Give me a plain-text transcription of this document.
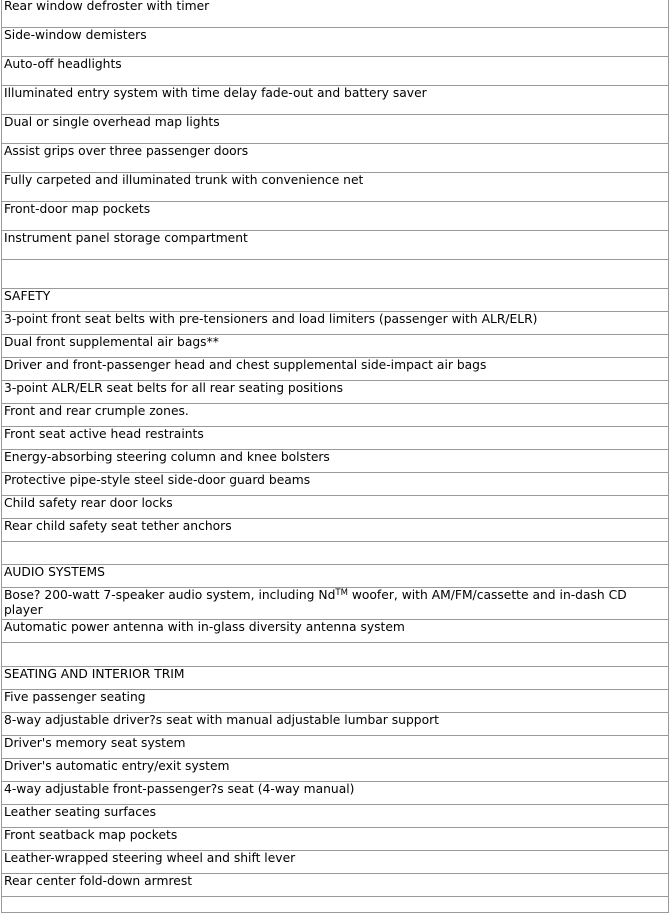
Rear window defroster with timer

Side-window demisters

Auto-off headlights

Illuminated entry system with time delay fade-out and battery saver

Dual or single overhead map lights

Assist grips over three passenger doors

Fully carpeted and illuminated trunk with convenience net

Front-door map pockets

Instrument panel storage compartment

SAFETY

3-point front seat belts with pre-tensioners and load limiters (passenger with ALR/ELR)

Dual front supplemental air bags**

Driver and front-passenger head and chest supplemental side-impact air bags

3-point ALR/ELR seat belts for all rear seating positions

Front and rear crumple zones.

Front seat active head restraints

Energy-absorbing steering column and knee bolsters

Protective pipe-style steel side-door guard beams

Child safety rear door locks

Rear child safety seat tether anchors

AUDIO SYSTEMS

Bose? 200-watt 7-speaker audio system, including Nd™ woofer, with AM/FM/cassette and in-dash CD player

Automatic power antenna with in-glass diversity antenna system

SEATING AND INTERIOR TRIM

Five passenger seating

8-way adjustable driver?s seat with manual adjustable lumbar support

Driver's memory seat system

Driver's automatic entry/exit system

4-way adjustable front-passenger?s seat (4-way manual)

Leather seating surfaces

Front seatback map pockets

Leather-wrapped steering wheel and shift lever

Rear center fold-down armrest
